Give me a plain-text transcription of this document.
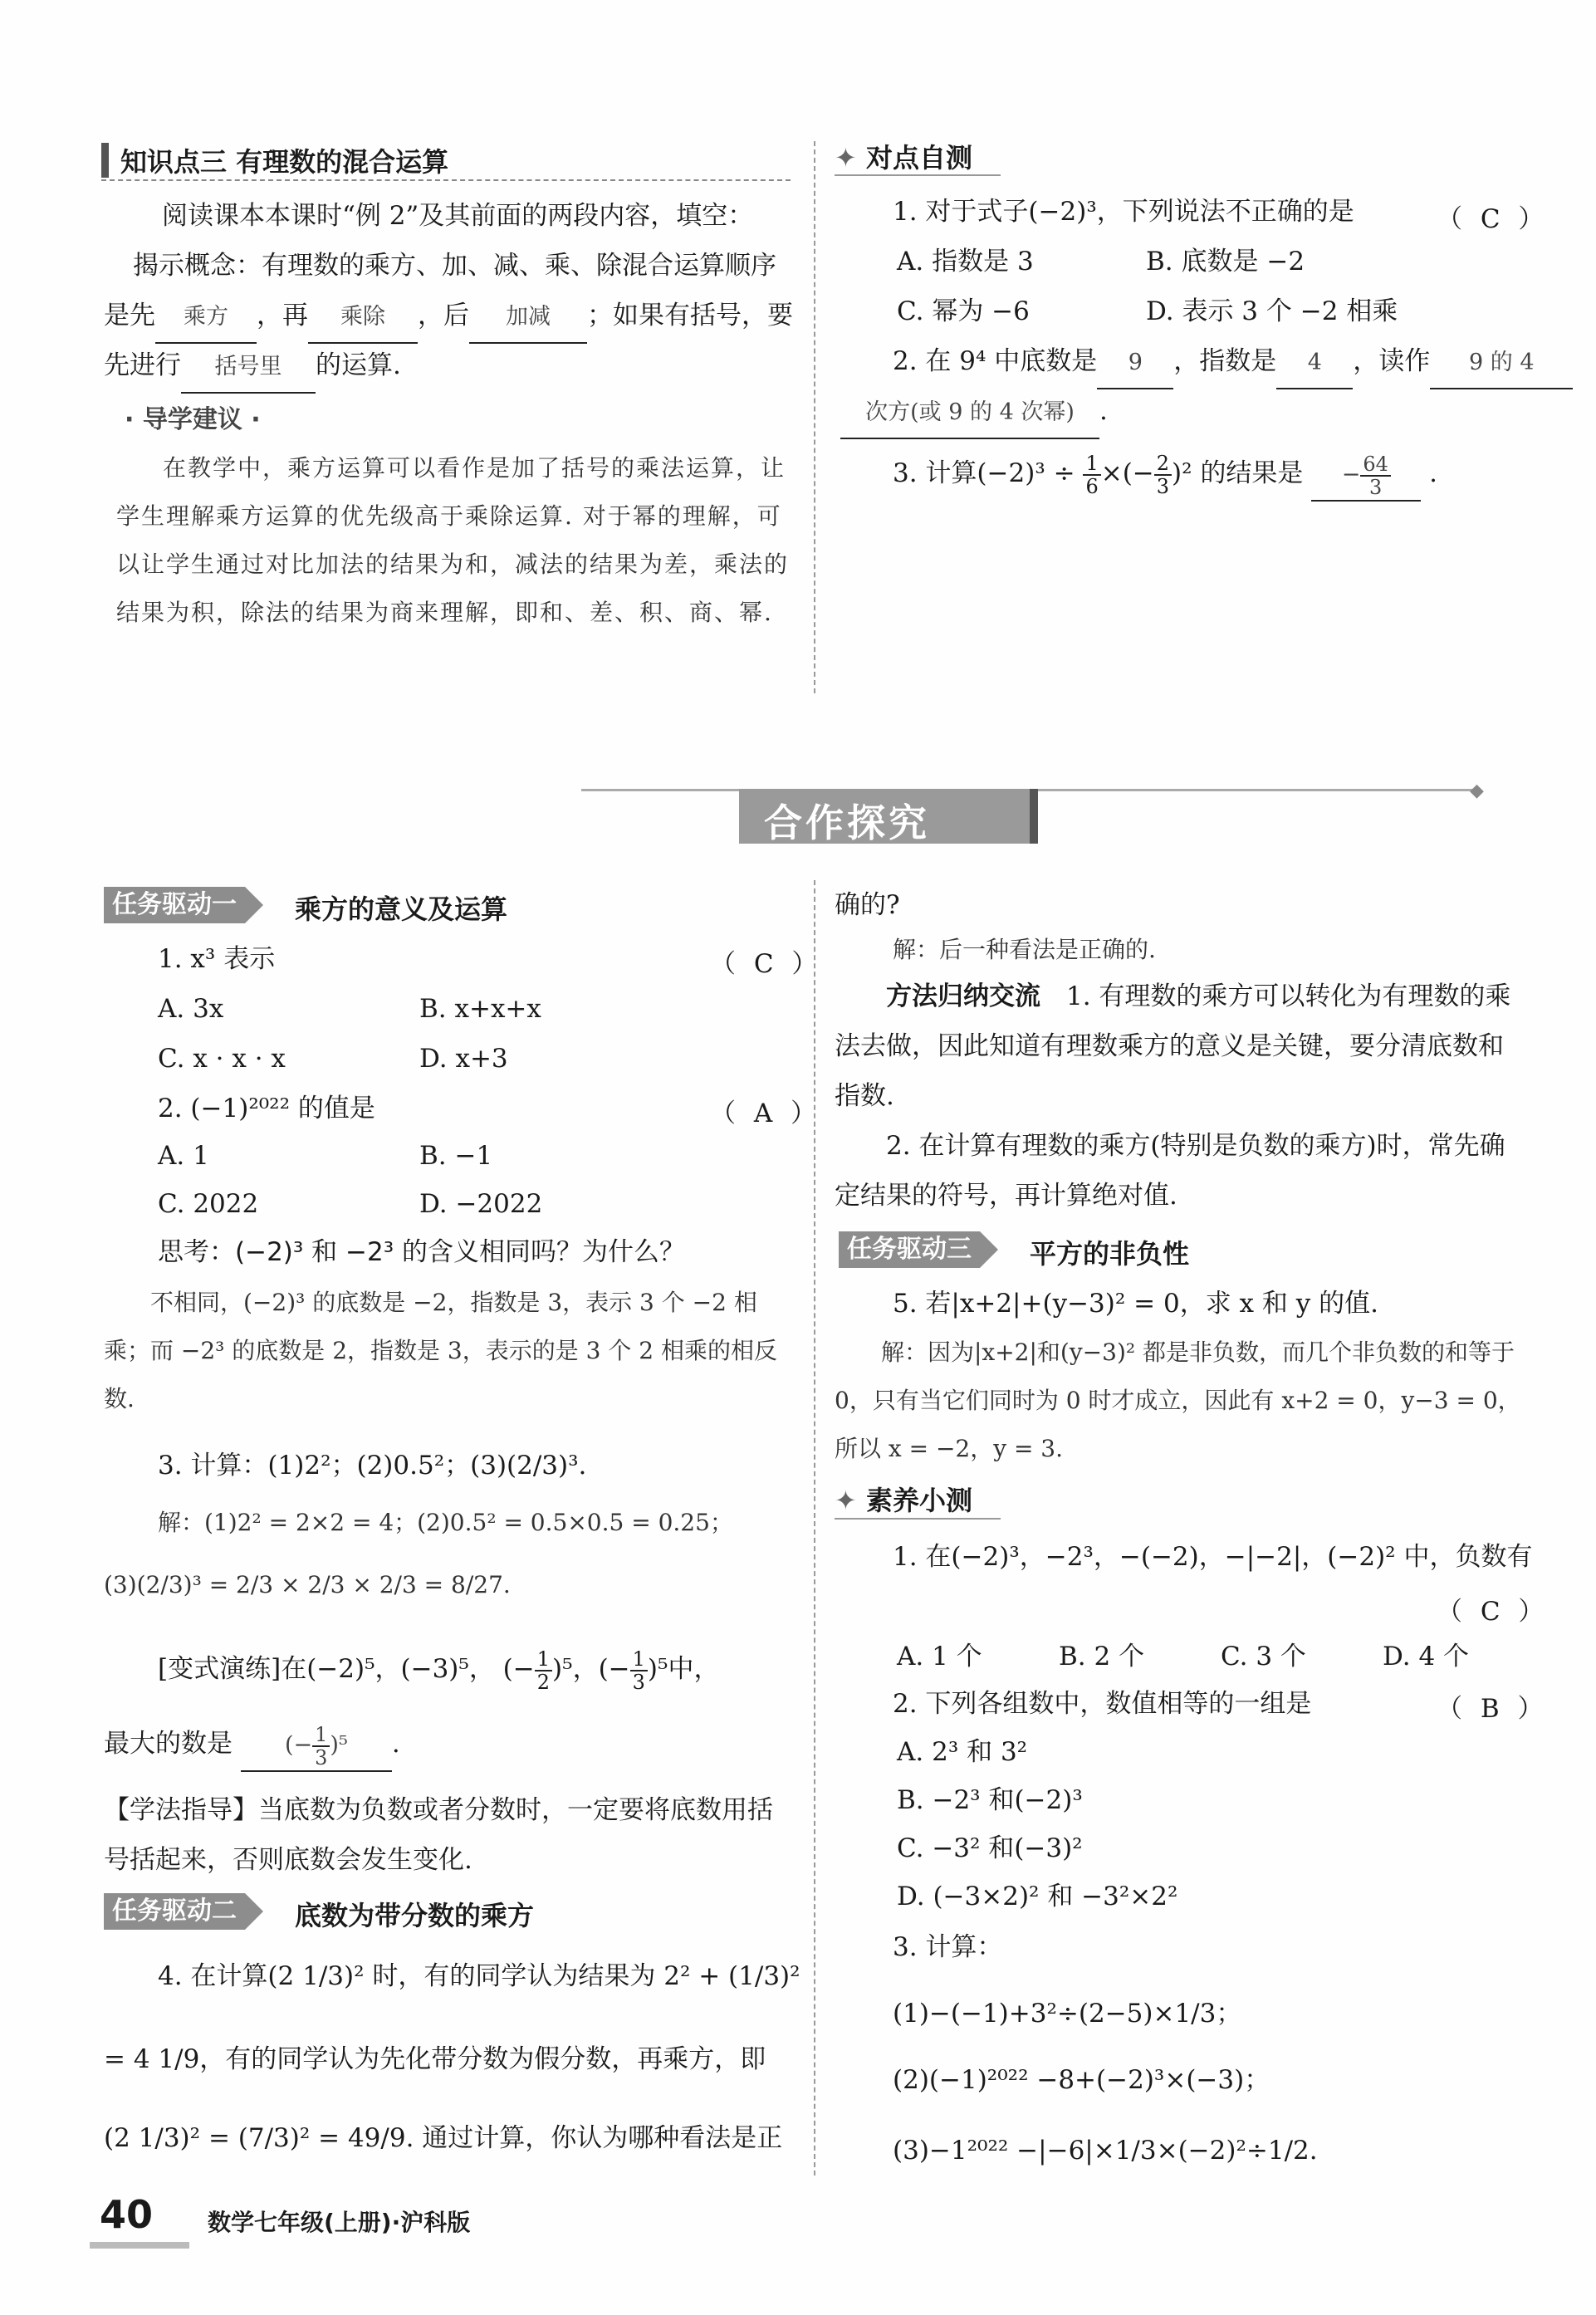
知识点三 有理数的混合运算
阅读课本本课时“例 2”及其前面的两段内容，填空：
揭示概念：有理数的乘方、加、减、乘、除混合运算顺序
是先 乘方 ，再 乘除 ，后 加减 ；如果有括号，要
先进行 括号里 的运算.
· 导学建议 ·
在教学中，乘方运算可以看作是加了括号的乘法运算，让学生理解乘方运算的优先级高于乘除运算. 对于幂的理解，可以让学生通过对比加法的结果为和，减法的结果为差，乘法的结果为积，除法的结果为商来理解，即和、差、积、商、幂.
✦ 对点自测
1. 对于式子(−2)³，下列说法不正确的是	（ C ）
A. 指数是 3	B. 底数是 −2
C. 幂为 −6	D. 表示 3 个 −2 相乘
2. 在 9⁴ 中底数是 9 ，指数是 4 ，读作 9 的 4
次方(或 9 的 4 次幂) .
3. 计算$(-2)^3 \div \frac{1}{6}$ ×(− $\frac{2}{3} )^2$ 的结果是 − $\frac{64}{3}$ .
◆
合作探究
任务驱动一	乘方的意义及运算
1. x³ 表示	（ C ）
A. 3x	B. x+x+x
C. x · x · x	D. x+3
2. (−1)²⁰²² 的值是	（ A ）
A. 1	B. −1
C. 2022	D. −2022
思考：(−2)³ 和 −2³ 的含义相同吗？为什么？
不相同，(−2)³ 的底数是 −2，指数是 3，表示 3 个 −2 相乘；而 −2³ 的底数是 2，指数是 3，表示的是 3 个 2 相乘的相反数.
3. 计算：(1)2²；(2)0.5²；(3)(2/3)³.
解：(1)2² = 2×2 = 4；(2)0.5² = 0.5×0.5 = 0.25；
(3)(2/3)³ = 2/3 × 2/3 × 2/3 = 8/27.
[变式演练]在(−2)⁵，(−3)⁵， (− $\frac{1}{2} )^5$，(− $\frac{1}{3} )^5$中，
最大的数是 (− $\frac{1}{3} )^5$ .
【学法指导】当底数为负数或者分数时，一定要将底数用括号括起来，否则底数会发生变化.
任务驱动二	底数为带分数的乘方
4. 在计算(2 1/3)² 时，有的同学认为结果为 2² + (1/3)²
= 4 1/9，有的同学认为先化带分数为假分数，再乘方，即
(2 1/3)² = (7/3)² = 49/9. 通过计算，你认为哪种看法是正
确的?
解：后一种看法是正确的.
方法归纳交流　 1. 有理数的乘方可以转化为有理数的乘法去做，因此知道有理数乘方的意义是关键，要分清底数和指数.
2. 在计算有理数的乘方(特别是负数的乘方)时，常先确定结果的符号，再计算绝对值.
任务驱动三	平方的非负性
5. 若|x+2|+(y−3)² = 0，求 x 和 y 的值.
解：因为|x+2|和(y−3)² 都是非负数，而几个非负数的和等于 0，只有当它们同时为 0 时才成立，因此有 x+2 = 0，y−3 = 0，所以 x = −2，y = 3.
✦ 素养小测
1. 在(−2)³，−2³，−(−2)，−|−2|，(−2)² 中，负数有
（ C ）
A. 1 个	B. 2 个	C. 3 个	D. 4 个
2. 下列各组数中，数值相等的一组是	（ B ）
A. 2³ 和 3²
B. −2³ 和(−2)³
C. −3² 和(−3)²
D. (−3×2)² 和 −3²×2²
3. 计算：
(1)−(−1)+3²÷(2−5)×1/3；
(2)(−1)²⁰²² −8+(−2)³×(−3)；
(3)−1²⁰²² −|−6|×1/3×(−2)²÷1/2.
40 数学七年级(上册)·沪科版
